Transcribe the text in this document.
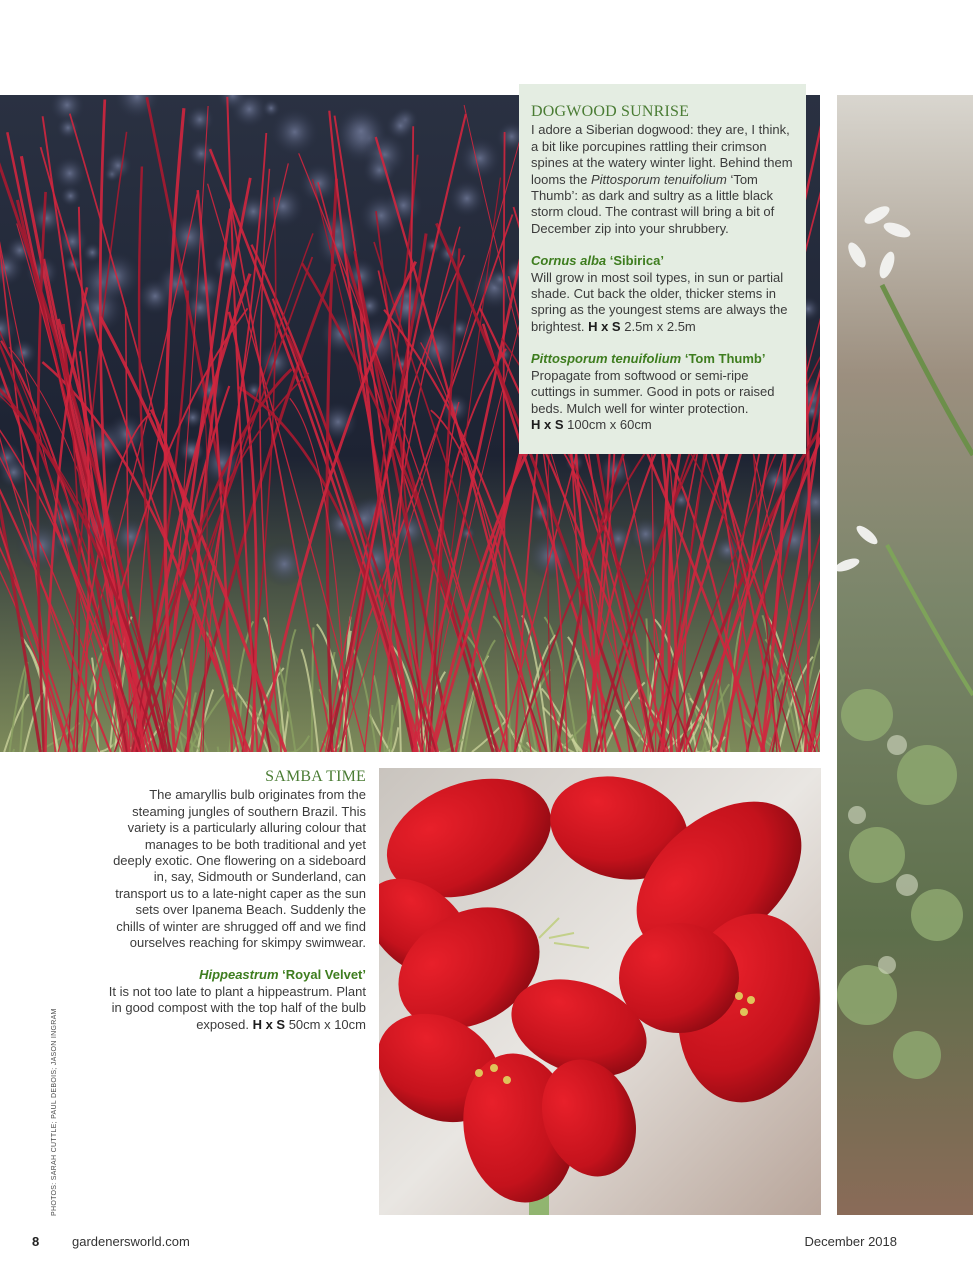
DOGWOOD SUNRISE

I adore a Siberian dogwood: they are, I think, a bit like porcupines rattling their crimson spines at the watery winter light. Behind them looms the Pittosporum tenuifolium ‘Tom Thumb’: as dark and sultry as a little black storm cloud. The contrast will bring a bit of December zip into your shrubbery.

Cornus alba ‘Sibirica’
Will grow in most soil types, in sun or partial shade. Cut back the older, thicker stems in spring as the youngest stems are always the brightest. H x S 2.5m x 2.5m

Pittosporum tenuifolium ‘Tom Thumb’
Propagate from softwood or semi-ripe cuttings in summer. Good in pots or raised beds. Mulch well for winter protection.
H x S 100cm x 60cm

SAMBA TIME

The amaryllis bulb originates from the steaming jungles of southern Brazil. This variety is a particularly alluring colour that manages to be both traditional and yet deeply exotic. One flowering on a sideboard in, say, Sidmouth or Sunderland, can transport us to a late-night caper as the sun sets over Ipanema Beach. Suddenly the chills of winter are shrugged off and we find ourselves reaching for skimpy swimwear.

Hippeastrum ‘Royal Velvet’
It is not too late to plant a hippeastrum. Plant in good compost with the top half of the bulb exposed. H x S 50cm x 10cm

PHOTOS: SARAH CUTTLE; PAUL DEBOIS; JASON INGRAM
8	gardenersworld.com	December 2018
